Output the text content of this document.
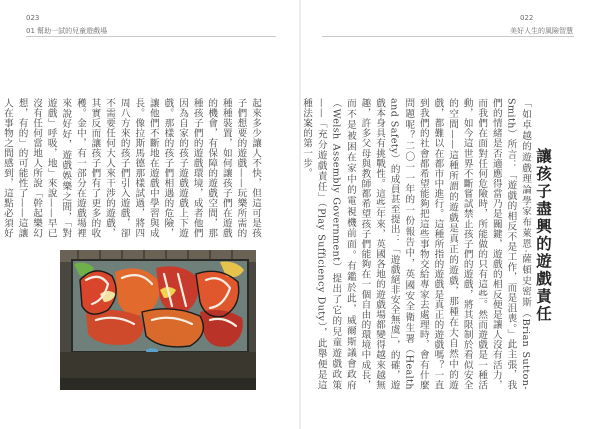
023
01 幫助一試的兒童遊戲場
起來多少讓人不快，但這可是孩子們想要的遊戲——玩樂所需的種種裝置，如何讓孩子們在遊戲的機會，有保障的遊戲空間，那種孩子們的遊戲環境，成者他們因為自家的孩子遊戲遊戲上下遊戲。那樣的孩子們相遇的危險，讓他們不斷地在遊戲中學習與成長。像拉斯馬德那樣試過，將四周八方來的孩子們引入遊戲，卻不需要任何大人來干涉的遊戲，其實反而讓孩子們有了更多的收穫。金中，有一部分在遊戲場裡來說好好，遊戲娛樂之間，「對遊戲」呼吸，地」來說——早已沒有任何當地人所說「幹起樂幻想，有的」的可能性了——這讓人在事物之間感到，這點必須好
022
美好人生的風險智慧
「如卓越的遊戲理論學家布萊恩·薩頓史密斯（Brian Sutton-Smith）所言：「遊戲的相反不是工作，而是沮喪。」此主張，我們的情緒是否適應得當乃是關鍵，遊戲的相反便是讓人沒有活力，而我們在面對任何危險時，所能做的只有這些。然而遊戲是一種活動，如今這世界不斷嘗試禁止孩子們的遊戲，將其限制於看似安全的空間——這種所謂的遊戲是真正的遊戲，那種在大自然中的遊戲，都難以在都市中進行。這種所指的遊戲是真正的遊戲嗎？一直到我們的社會都希望能夠把這些事物交給專家去處理時，會有什麼問題呢？二〇一一年的一份報告中，英國安全衛生署（Health and Safety）的成員甚至提出：「遊戲絕非安全無虞」，的確，遊戲本身具有挑戰性。這些年來，英國各地的遊戲場都變得越來越無趣，許多父母與教師都希望孩子們能夠在一個自由的環境中成長，而不是被困在家中的電視機前面。有鑑於此，威爾斯議會政府（Welsh Assembly Government）提出了它的兒童遊戲政策——「充分遊戲責任」（Play Sufficiency Duty），此舉便是這種法案的第一步。
讓孩子盡興的遊戲責任
